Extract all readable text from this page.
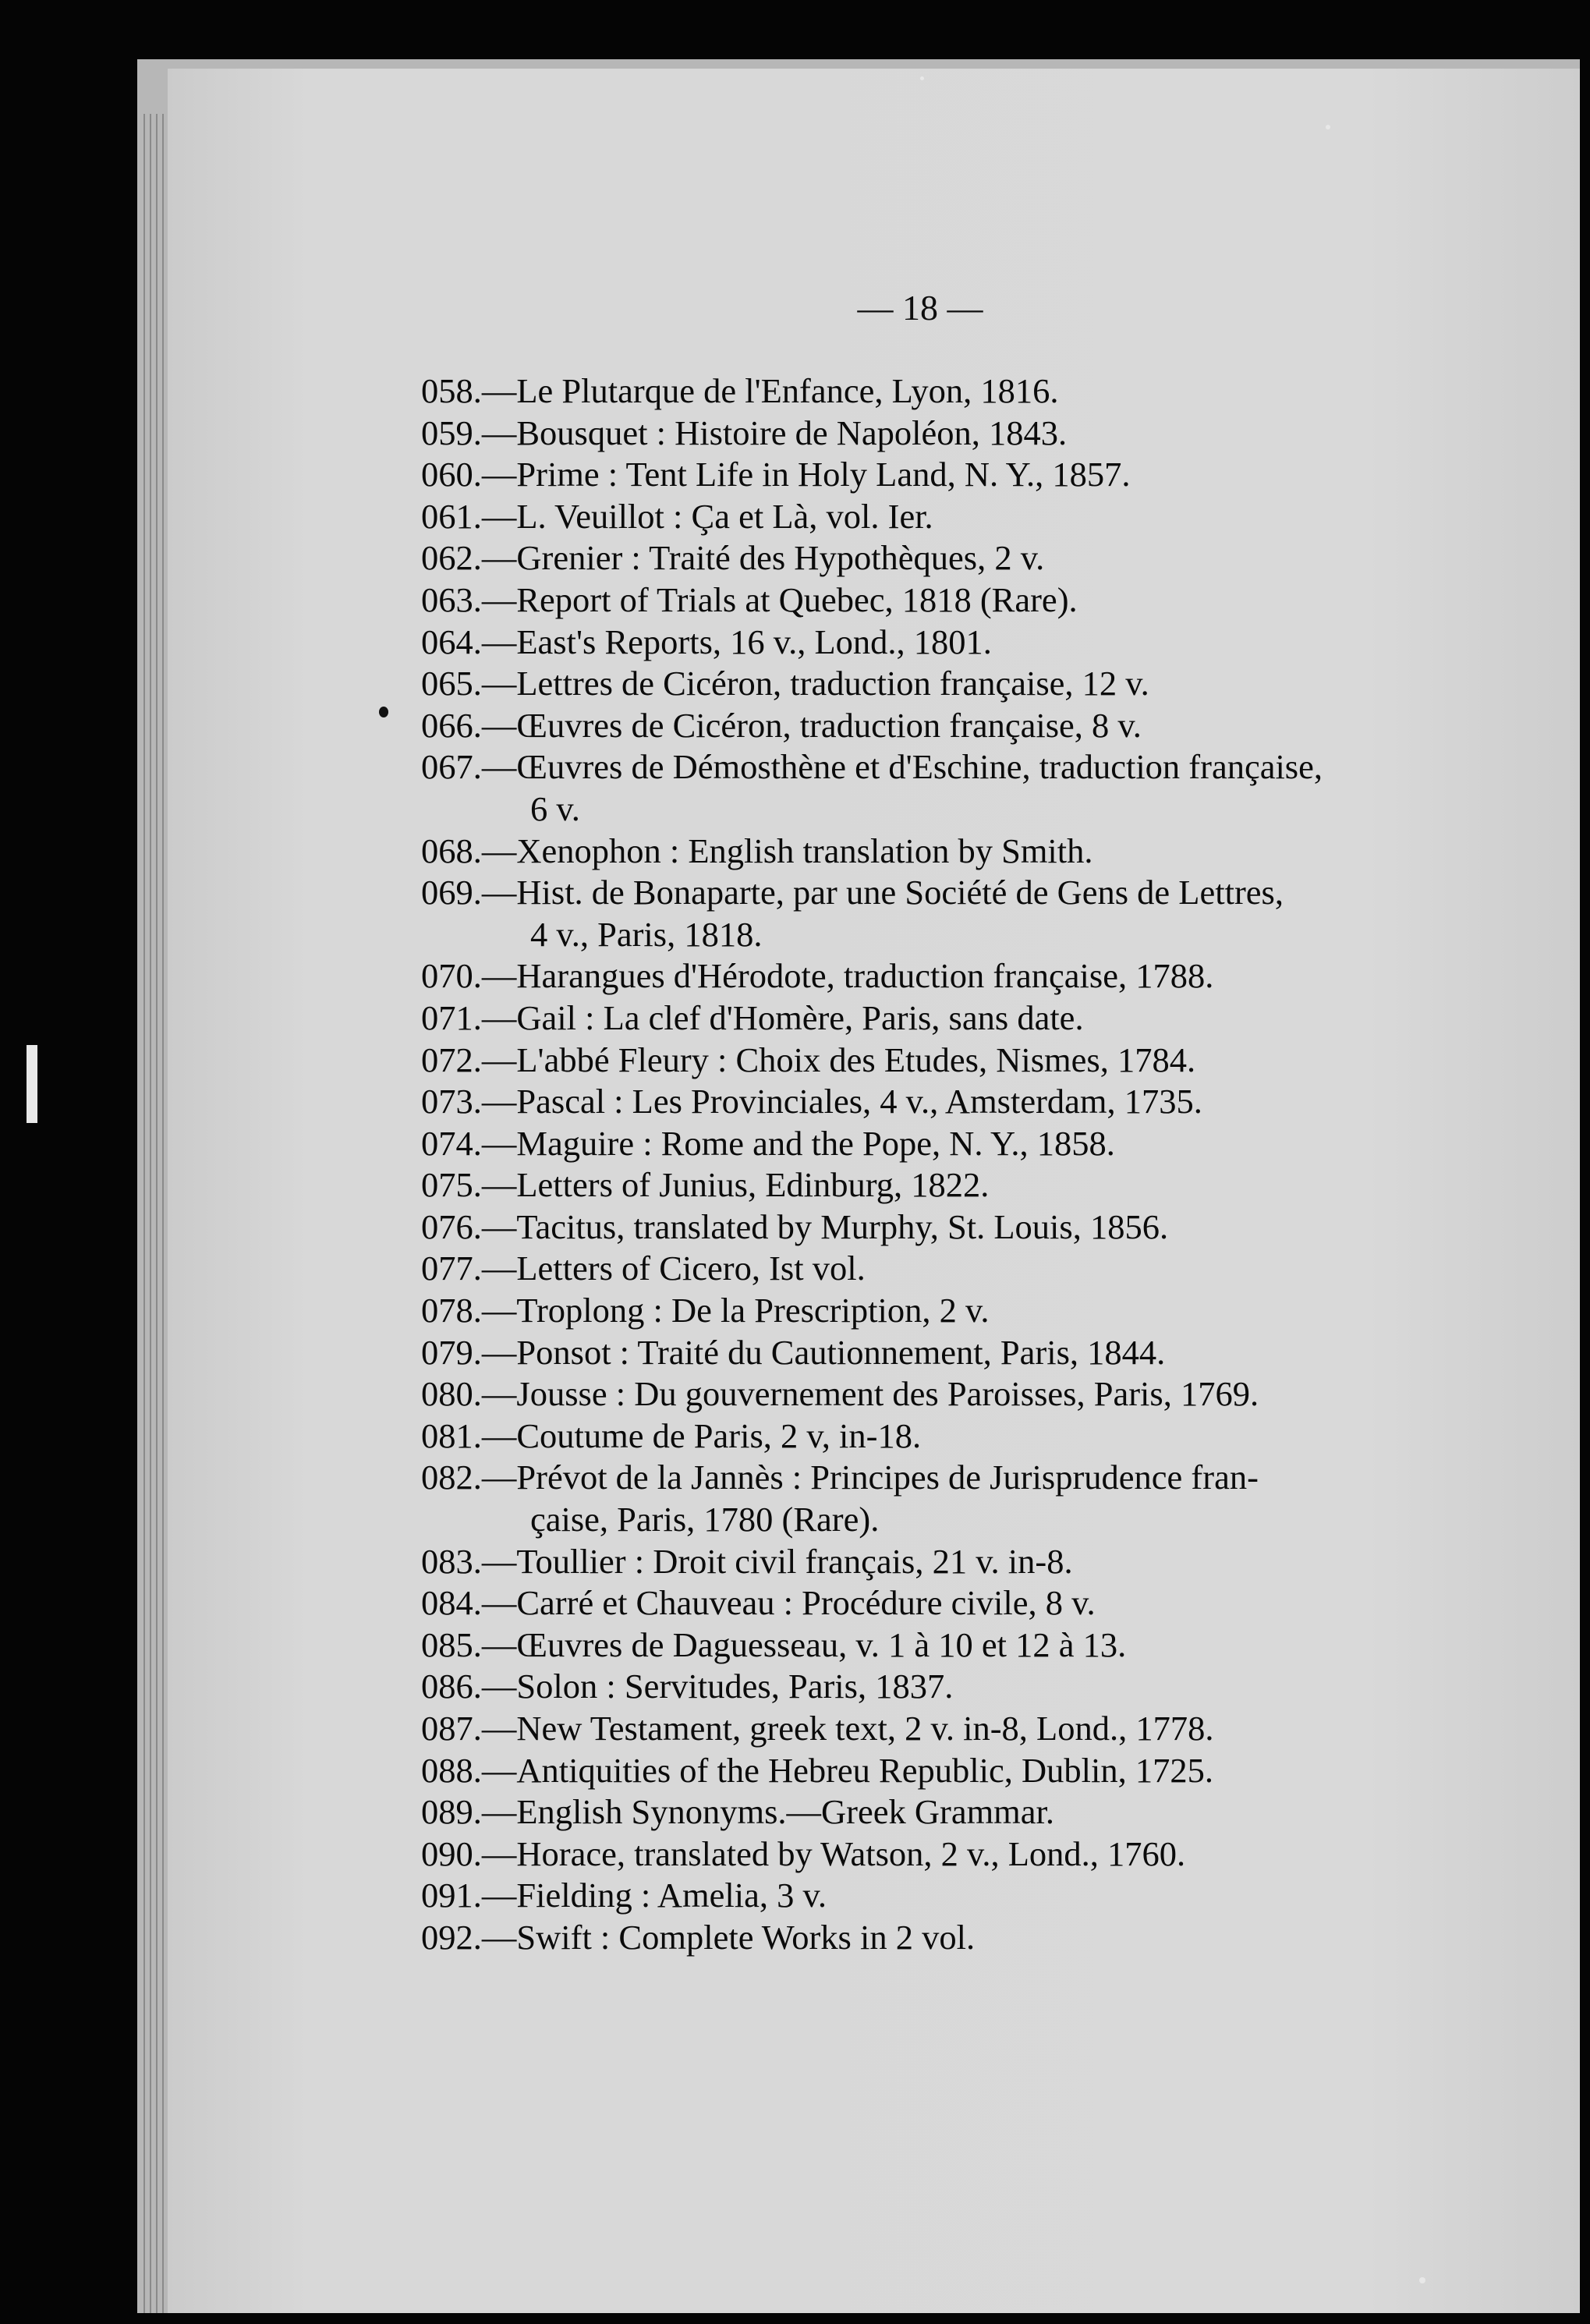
— 18 —
058.—Le Plutarque de l'Enfance, Lyon, 1816.
059.—Bousquet : Histoire de Napoléon, 1843.
060.—Prime : Tent Life in Holy Land, N. Y., 1857.
061.—L. Veuillot : Ça et Là, vol. Ier.
062.—Grenier : Traité des Hypothèques, 2 v.
063.—Report of Trials at Quebec, 1818 (Rare).
064.—East's Reports, 16 v., Lond., 1801.
065.—Lettres de Cicéron, traduction française, 12 v.
066.—Œuvres de Cicéron, traduction française, 8 v.
067.—Œuvres de Démosthène et d'Eschine, traduction française,
6 v.
068.—Xenophon : English translation by Smith.
069.—Hist. de Bonaparte, par une Société de Gens de Lettres,
4 v., Paris, 1818.
070.—Harangues d'Hérodote, traduction française, 1788.
071.—Gail : La clef d'Homère, Paris, sans date.
072.—L'abbé Fleury : Choix des Etudes, Nismes, 1784.
073.—Pascal : Les Provinciales, 4 v., Amsterdam, 1735.
074.—Maguire : Rome and the Pope, N. Y., 1858.
075.—Letters of Junius, Edinburg, 1822.
076.—Tacitus, translated by Murphy, St. Louis, 1856.
077.—Letters of Cicero, Ist vol.
078.—Troplong : De la Prescription, 2 v.
079.—Ponsot : Traité du Cautionnement, Paris, 1844.
080.—Jousse : Du gouvernement des Paroisses, Paris, 1769.
081.—Coutume de Paris, 2 v, in-18.
082.—Prévot de la Jannès : Principes de Jurisprudence fran-
çaise, Paris, 1780 (Rare).
083.—Toullier : Droit civil français, 21 v. in-8.
084.—Carré et Chauveau : Procédure civile, 8 v.
085.—Œuvres de Daguesseau, v. 1 à 10 et 12 à 13.
086.—Solon : Servitudes, Paris, 1837.
087.—New Testament, greek text, 2 v. in-8, Lond., 1778.
088.—Antiquities of the Hebreu Republic, Dublin, 1725.
089.—English Synonyms.—Greek Grammar.
090.—Horace, translated by Watson, 2 v., Lond., 1760.
091.—Fielding : Amelia, 3 v.
092.—Swift : Complete Works in 2 vol.
